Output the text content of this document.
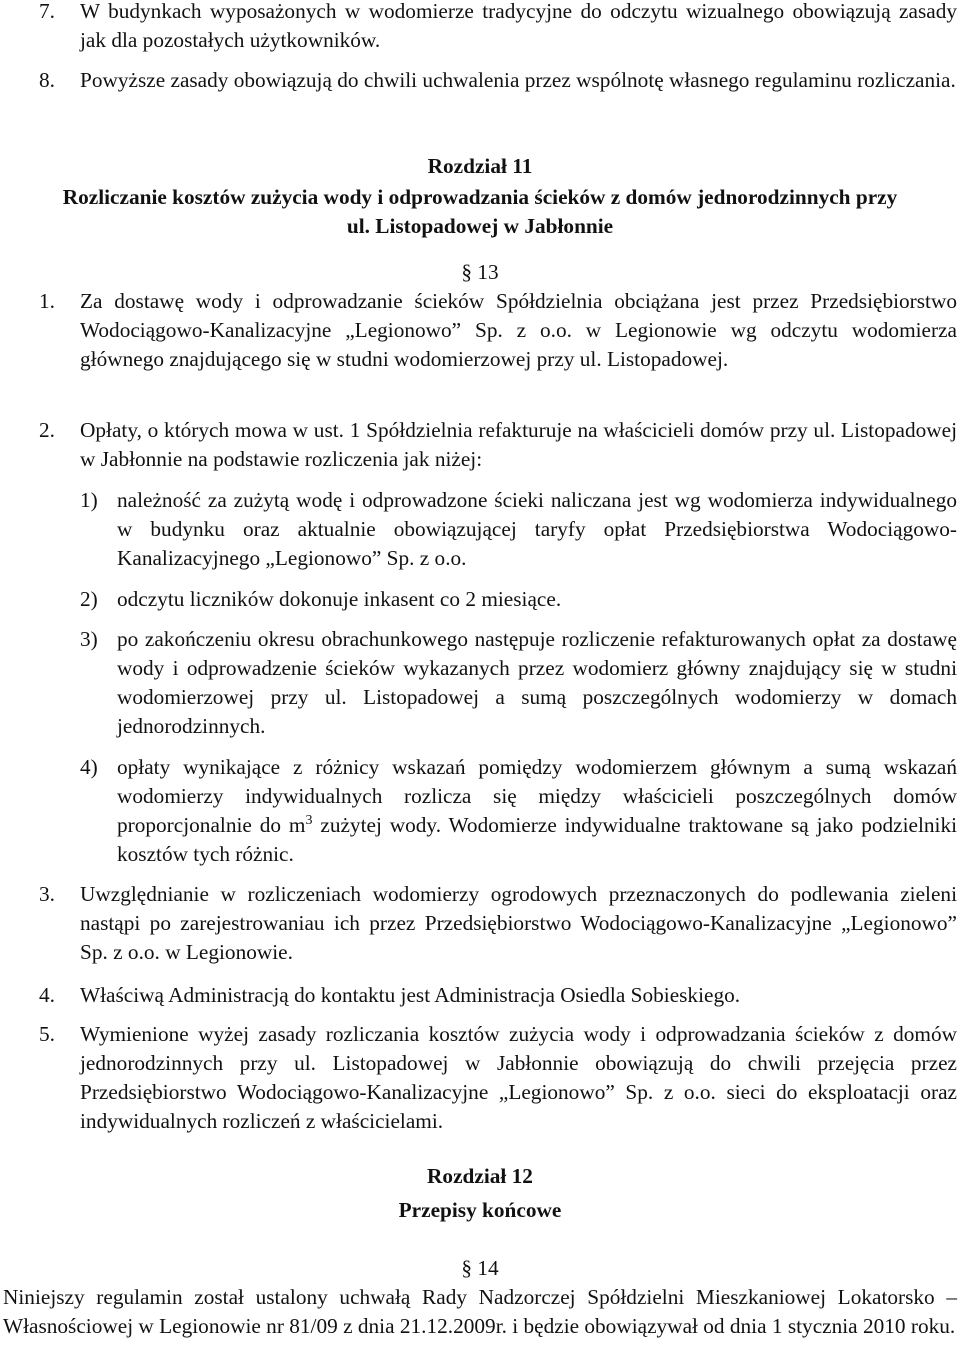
7.	W budynkach wyposażonych w wodomierze tradycyjne do odczytu wizualnego obowiązują zasady jak dla pozostałych użytkowników.
8.	Powyższe zasady obowiązują do chwili uchwalenia przez wspólnotę własnego regulaminu rozliczania.
Rozdział 11
Rozliczanie kosztów zużycia wody i odprowadzania ścieków z domów jednorodzinnych przy ul. Listopadowej w Jabłonnie
§ 13
1.	Za dostawę wody i odprowadzanie ścieków Spółdzielnia obciążana jest przez Przedsiębiorstwo Wodociągowo-Kanalizacyjne „Legionowo” Sp. z o.o. w Legionowie wg odczytu wodomierza głównego znajdującego się w studni wodomierzowej przy ul. Listopadowej.
2.	Opłaty, o których mowa w ust. 1 Spółdzielnia refakturuje na właścicieli domów przy ul. Listopadowej w Jabłonnie na podstawie rozliczenia jak niżej:
1) należność za zużytą wodę i odprowadzone ścieki naliczana jest wg wodomierza indywidualnego w budynku oraz aktualnie obowiązującej taryfy opłat Przedsiębiorstwa Wodociągowo-Kanalizacyjnego „Legionowo” Sp. z o.o.
2) odczytu liczników dokonuje inkasent co 2 miesiące.
3) po zakończeniu okresu obrachunkowego następuje rozliczenie refakturowanych opłat za dostawę wody i odprowadzenie ścieków wykazanych przez wodomierz główny znajdujący się w studni wodomierzowej przy ul. Listopadowej a sumą poszczególnych wodomierzy w domach jednorodzinnych.
4) opłaty wynikające z różnicy wskazań pomiędzy wodomierzem głównym a sumą wskazań wodomierzy indywidualnych rozlicza się między właścicieli poszczególnych domów proporcjonalnie do $m^3$ zużytej wody. Wodomierze indywidualne traktowane są jako podzielniki kosztów tych różnic.
3.	Uwzględnianie w rozliczeniach wodomierzy ogrodowych przeznaczonych do podlewania zieleni nastąpi po zarejestrowaniau ich przez Przedsiębiorstwo Wodociągowo-Kanalizacyjne „Legionowo” Sp. z o.o. w Legionowie.
4.	Właściwą Administracją do kontaktu jest Administracja Osiedla Sobieskiego.
5.	Wymienione wyżej zasady rozliczania kosztów zużycia wody i odprowadzania ścieków z domów jednorodzinnych przy ul. Listopadowej w Jabłonnie obowiązują do chwili przejęcia przez Przedsiębiorstwo Wodociągowo-Kanalizacyjne „Legionowo” Sp. z o.o. sieci do eksploatacji oraz indywidualnych rozliczeń z właścicielami.
Rozdział 12
Przepisy końcowe
§ 14
Niniejszy regulamin został ustalony uchwałą Rady Nadzorczej Spółdzielni Mieszkaniowej Lokatorsko – Własnościowej w Legionowie nr 81/09 z dnia 21.12.2009r. i będzie obowiązywał od dnia 1 stycznia 2010 roku.
